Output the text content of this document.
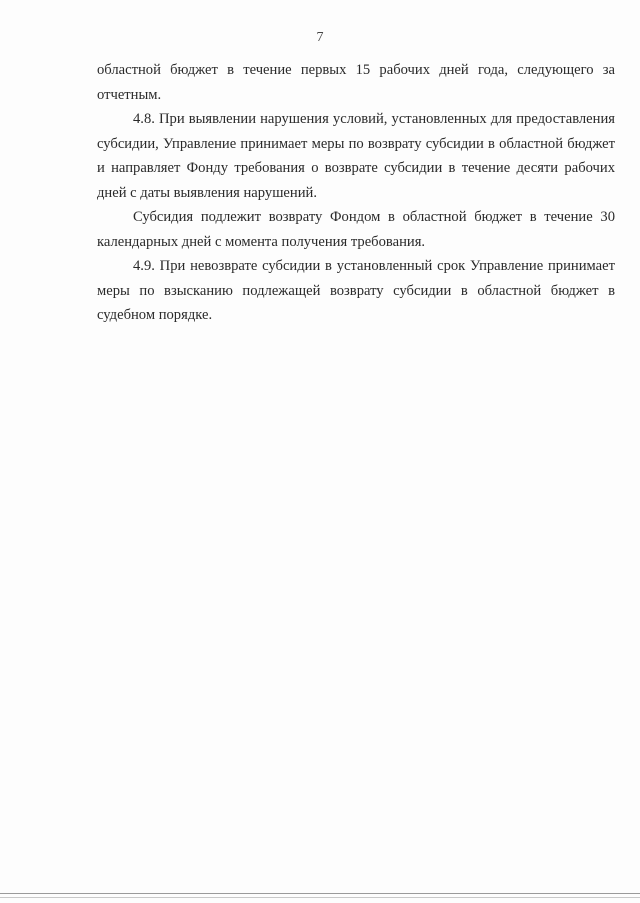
7

областной бюджет в течение первых 15 рабочих дней года, следующего за отчетным.

4.8. При выявлении нарушения условий, установленных для предоставления субсидии, Управление принимает меры по возврату субсидии в областной бюджет и направляет Фонду требования о возврате субсидии в течение десяти рабочих дней с даты выявления нарушений.

Субсидия подлежит возврату Фондом в областной бюджет в течение 30 календарных дней с момента получения требования.

4.9. При невозврате субсидии в установленный срок Управление принимает меры по взысканию подлежащей возврату субсидии в областной бюджет в судебном порядке.
